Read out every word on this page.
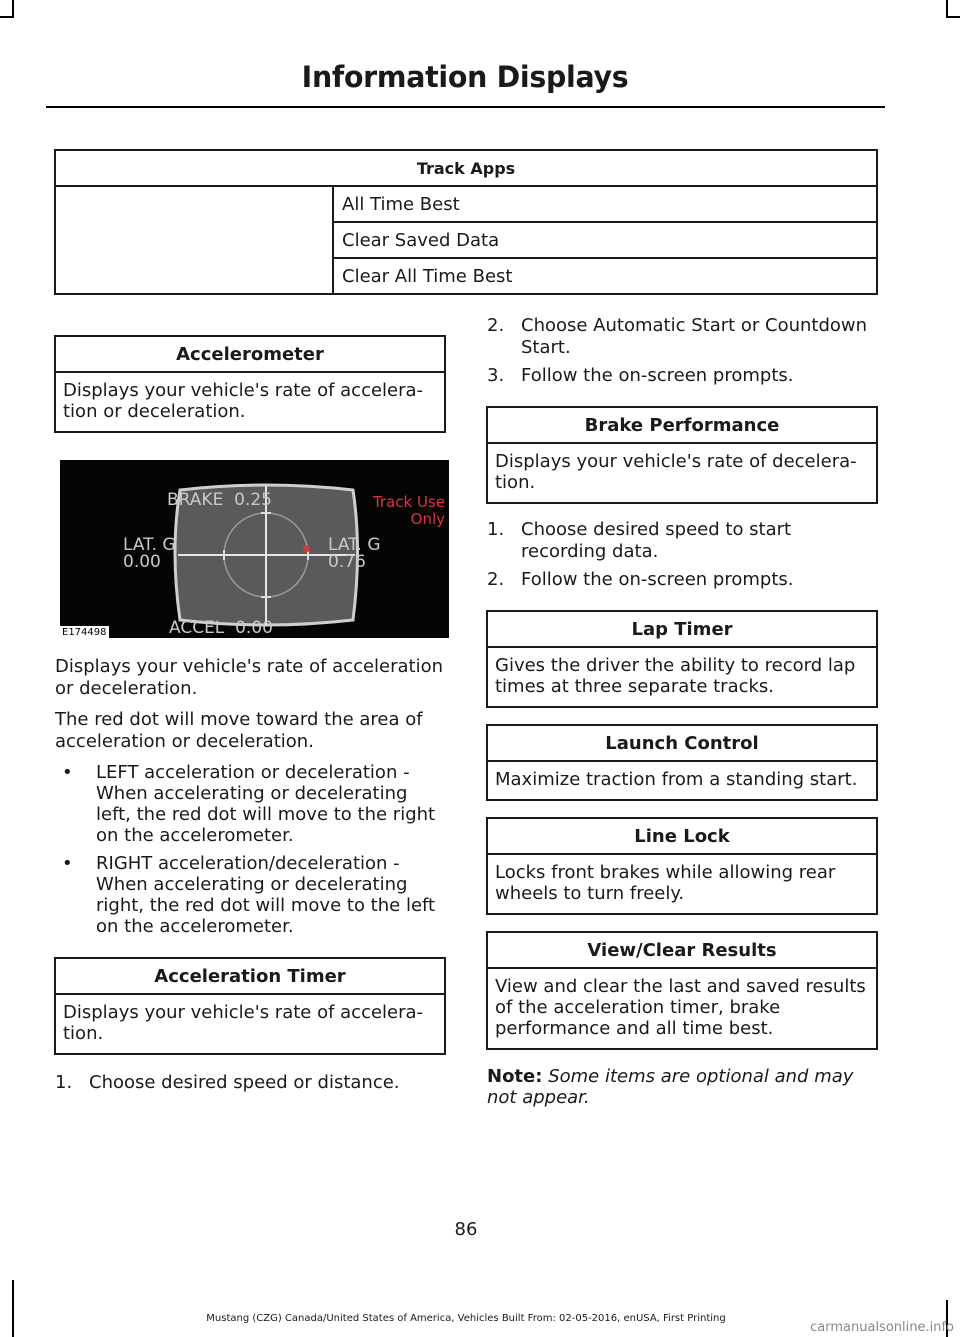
Information Displays
Track Apps
	All Time Best
Clear Saved Data
Clear All Time Best
Accelerometer
Displays your vehicle's rate of accelera-tion or deceleration.
BRAKE 0.25
LAT. G
0.00
LAT. G
0.76
Track Use
Only
ACCEL 0.00
E174498

Displays your vehicle's rate of acceleration or deceleration.

The red dot will move toward the area of acceleration or deceleration.

• LEFT acceleration or deceleration - When accelerating or decelerating left, the red dot will move to the right on the accelerometer.
• RIGHT acceleration/deceleration - When accelerating or decelerating right, the red dot will move to the left on the accelerometer.
Acceleration Timer
Displays your vehicle's rate of accelera-tion.
1. Choose desired speed or distance.
2. Choose Automatic Start or Countdown Start.
3. Follow the on-screen prompts.
Brake Performance
Displays your vehicle's rate of decelera-tion.
1. Choose desired speed to start recording data.
2. Follow the on-screen prompts.
Lap Timer
Gives the driver the ability to record lap times at three separate tracks.
Launch Control
Maximize traction from a standing start.
Line Lock
Locks front brakes while allowing rear wheels to turn freely.
View/Clear Results
View and clear the last and saved results of the acceleration timer, brake performance and all time best.
Note: Some items are optional and may not appear.
86
Mustang (CZG) Canada/United States of America, Vehicles Built From: 02-05-2016, enUSA, First Printing
carmanualsonline.info
